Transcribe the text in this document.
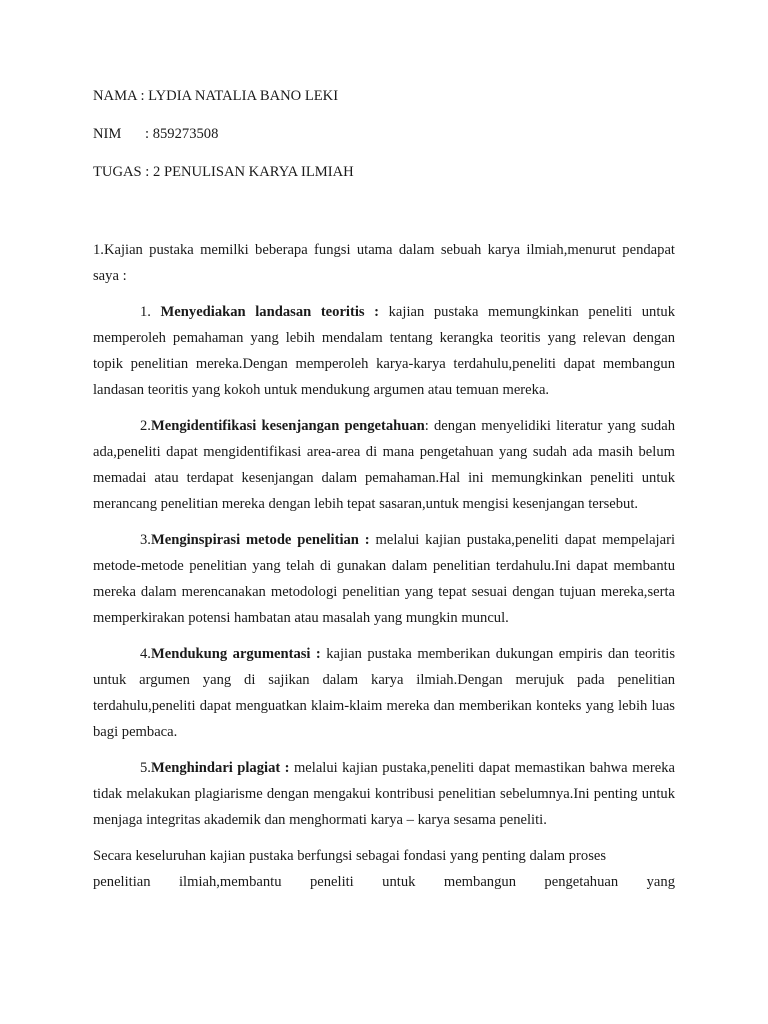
NAMA : LYDIA NATALIA BANO LEKI

NIM : 859273508

TUGAS : 2 PENULISAN KARYA ILMIAH

1.Kajian pustaka memilki beberapa fungsi utama dalam sebuah karya ilmiah,menurut pendapat saya :

1. Menyediakan landasan teoritis : kajian pustaka memungkinkan peneliti untuk memperoleh pemahaman yang lebih mendalam tentang kerangka teoritis yang relevan dengan topik penelitian mereka.Dengan memperoleh karya-karya terdahulu,peneliti dapat membangun landasan teoritis yang kokoh untuk mendukung argumen atau temuan mereka.

2.Mengidentifikasi kesenjangan pengetahuan: dengan menyelidiki literatur yang sudah ada,peneliti dapat mengidentifikasi area-area di mana pengetahuan yang sudah ada masih belum memadai atau terdapat kesenjangan dalam pemahaman.Hal ini memungkinkan peneliti untuk merancang penelitian mereka dengan lebih tepat sasaran,untuk mengisi kesenjangan tersebut.

3.Menginspirasi metode penelitian : melalui kajian pustaka,peneliti dapat mempelajari metode-metode penelitian yang telah di gunakan dalam penelitian terdahulu.Ini dapat membantu mereka dalam merencanakan metodologi penelitian yang tepat sesuai dengan tujuan mereka,serta memperkirakan potensi hambatan atau masalah yang mungkin muncul.

4.Mendukung argumentasi : kajian pustaka memberikan dukungan empiris dan teoritis untuk argumen yang di sajikan dalam karya ilmiah.Dengan merujuk pada penelitian terdahulu,peneliti dapat menguatkan klaim-klaim mereka dan memberikan konteks yang lebih luas bagi pembaca.

5.Menghindari plagiat : melalui kajian pustaka,peneliti dapat memastikan bahwa mereka tidak melakukan plagiarisme dengan mengakui kontribusi penelitian sebelumnya.Ini penting untuk menjaga integritas akademik dan menghormati karya – karya sesama peneliti.

Secara keseluruhan kajian pustaka berfungsi sebagai fondasi yang penting dalam proses

penelitian ilmiah,membantu peneliti untuk membangun pengetahuan yang
